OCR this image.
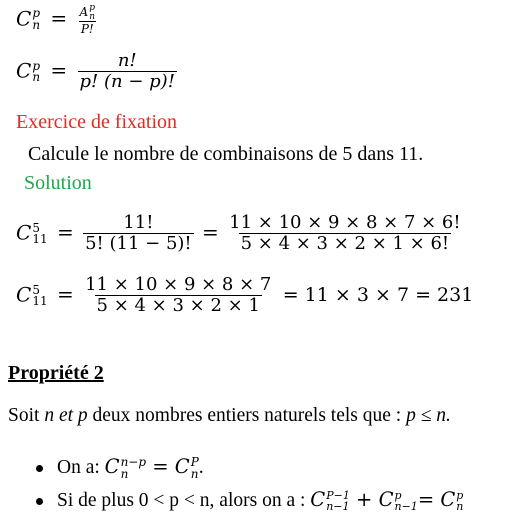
C p
n = A p
n
P!
C p
$n = \frac{n!}{p! (n - p)!}$
Exercice de fixation
Calcule le nombre de combinaisons de 5 dans 11.
Solution
C 5
$11 = \frac{11!}{5! (11 - 5)!} = \frac{11 \times 10 \times 9 \times 8 \times 7 \times 6!}{5 \times 4 \times 3 \times 2 \times 1 \times 6!}$
C 5
$11 = \frac{11 \times 10 \times 9 \times 8 \times 7}{5 \times 4 \times 3 \times 2 \times 1} = 11 \times 3 \times 7 = 231$
Propriété 2
Soit n et p deux nombres entiers naturels tels que : p ≤ n.
On a: C n−p
n = C P
n .
Si de plus 0 < p < n, alors on a : C P−1
n−1 + C p
n−1 = C p
n
